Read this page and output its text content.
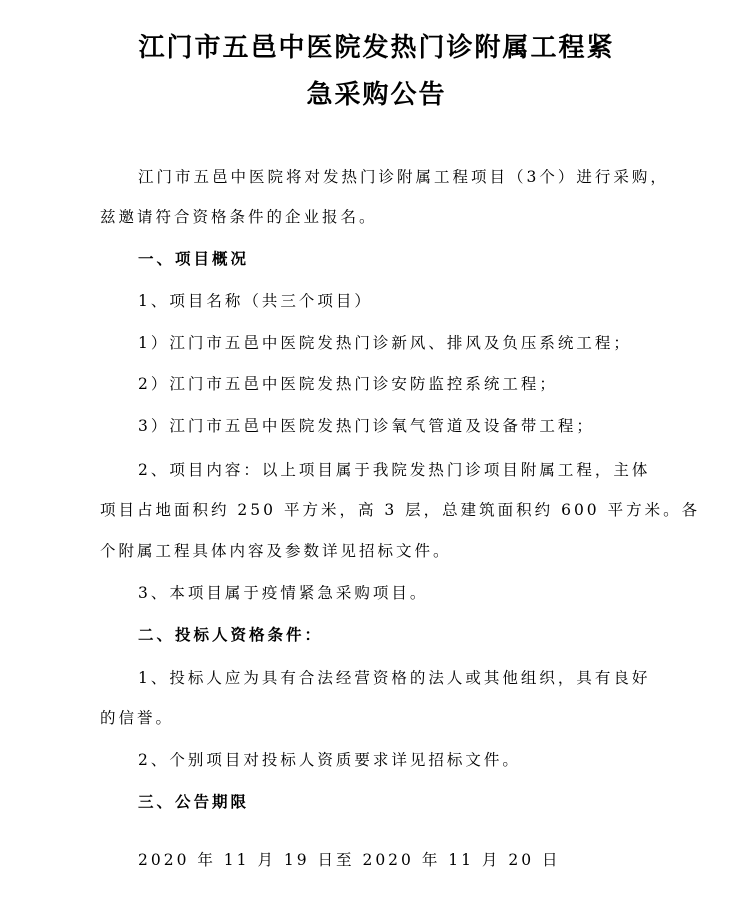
江门市五邑中医院发热门诊附属工程紧
急采购公告
江门市五邑中医院将对发热门诊附属工程项目（3个）进行采购，
兹邀请符合资格条件的企业报名。
一、项目概况
1、项目名称（共三个项目）
1）江门市五邑中医院发热门诊新风、排风及负压系统工程；
2）江门市五邑中医院发热门诊安防监控系统工程；
3）江门市五邑中医院发热门诊氧气管道及设备带工程；
2、项目内容：以上项目属于我院发热门诊项目附属工程，主体
项目占地面积约 250 平方米，高 3 层，总建筑面积约 600 平方米。各
个附属工程具体内容及参数详见招标文件。
3、本项目属于疫情紧急采购项目。
二、投标人资格条件：
1、投标人应为具有合法经营资格的法人或其他组织，具有良好
的信誉。
2、个别项目对投标人资质要求详见招标文件。
三、公告期限
2020 年 11 月 19 日至 2020 年 11 月 20 日
